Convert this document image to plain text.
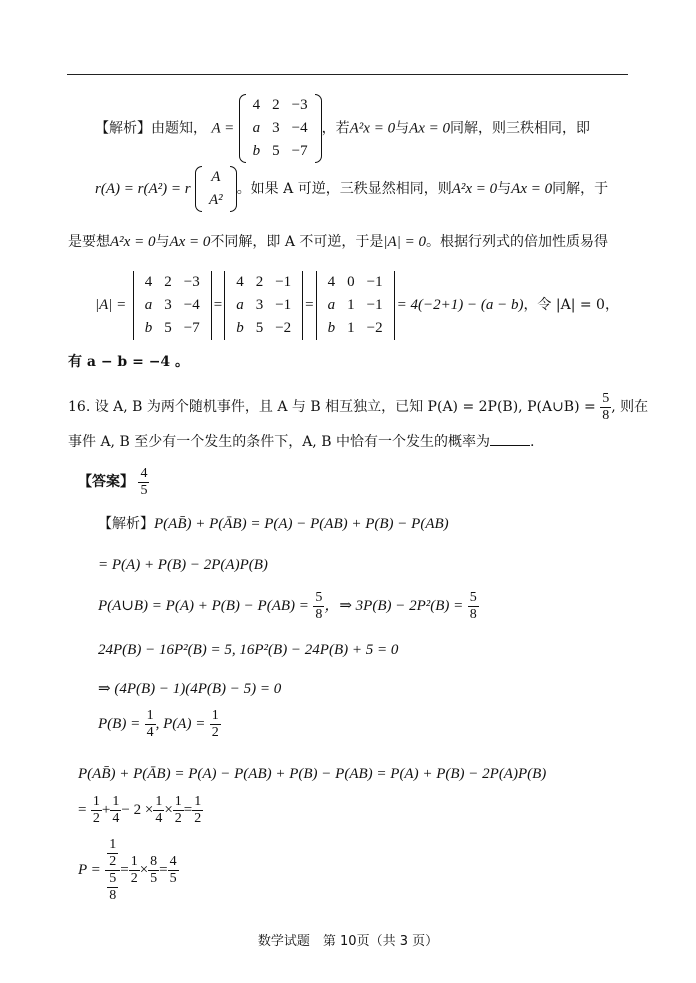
【解析】由题知， A =
4	2	−3
a	3	−4
b	5	−7
，若A²x = 0与Ax = 0同解，则三秩相同，即
r(A) = r(A²) = r
A
A²
。如果 A 可逆，三秩显然相同，则A²x = 0与Ax = 0同解，于
是要想A²x = 0与Ax = 0不同解，即 A 不可逆，于是|A| = 0。根据行列式的倍加性质易得
|A| =
4	2	−3
a	3	−4
b	5	−7
=
4	2	−1
a	3	−1
b	5	−2
=
4	0	−1
a	1	−1
b	1	−2
= 4(−2+1) − (a − b)，令 |A| = 0，
有 a − b = −4 。
16. 设 A, B 为两个随机事件，且 A 与 B 相互独立，已知 P(A) = 2P(B), P(A∪B) = $\frac{5}{8}$ , 则在
事件 A, B 至少有一个发生的条件下，A, B 中恰有一个发生的概率为	.
【答案】 $\frac{4}{5}$
【解析】P(AB̄) + P(ĀB) = P(A) − P(AB) + P(B) − P(AB)
= P(A) + P(B) − 2P(A)P(B)
P(A∪B) = $P(A) + P(B) - P(AB) = \frac{5}{8}$ ，⇒ $3P(B) - 2P^2(B) = \frac{5}{8}$
24P(B) − 16P²(B) = 5, 16P²(B) − 24P(B) + 5 = 0
⇒ (4P(B) − 1)(4P(B) − 5) = 0
$P(B) = \frac{1}{4}$ , $P(A) = \frac{1}{2}$
P(AB̄) + P(ĀB) = P(A) − P(AB) + P(B) − P(AB) = P(A) + P(B) − 2P(A)P(B)
= $\frac{1}{2} + \frac{1}{4} - 2 \times \frac{1}{4} \times \frac{1}{2} = \frac{1}{2}$
$P = \frac{\frac{1}{2}}{\frac{5}{8}} = \frac{1}{2} \times \frac{8}{5} = \frac{4}{5}$
数学试题　第 10页（共 3 页）
